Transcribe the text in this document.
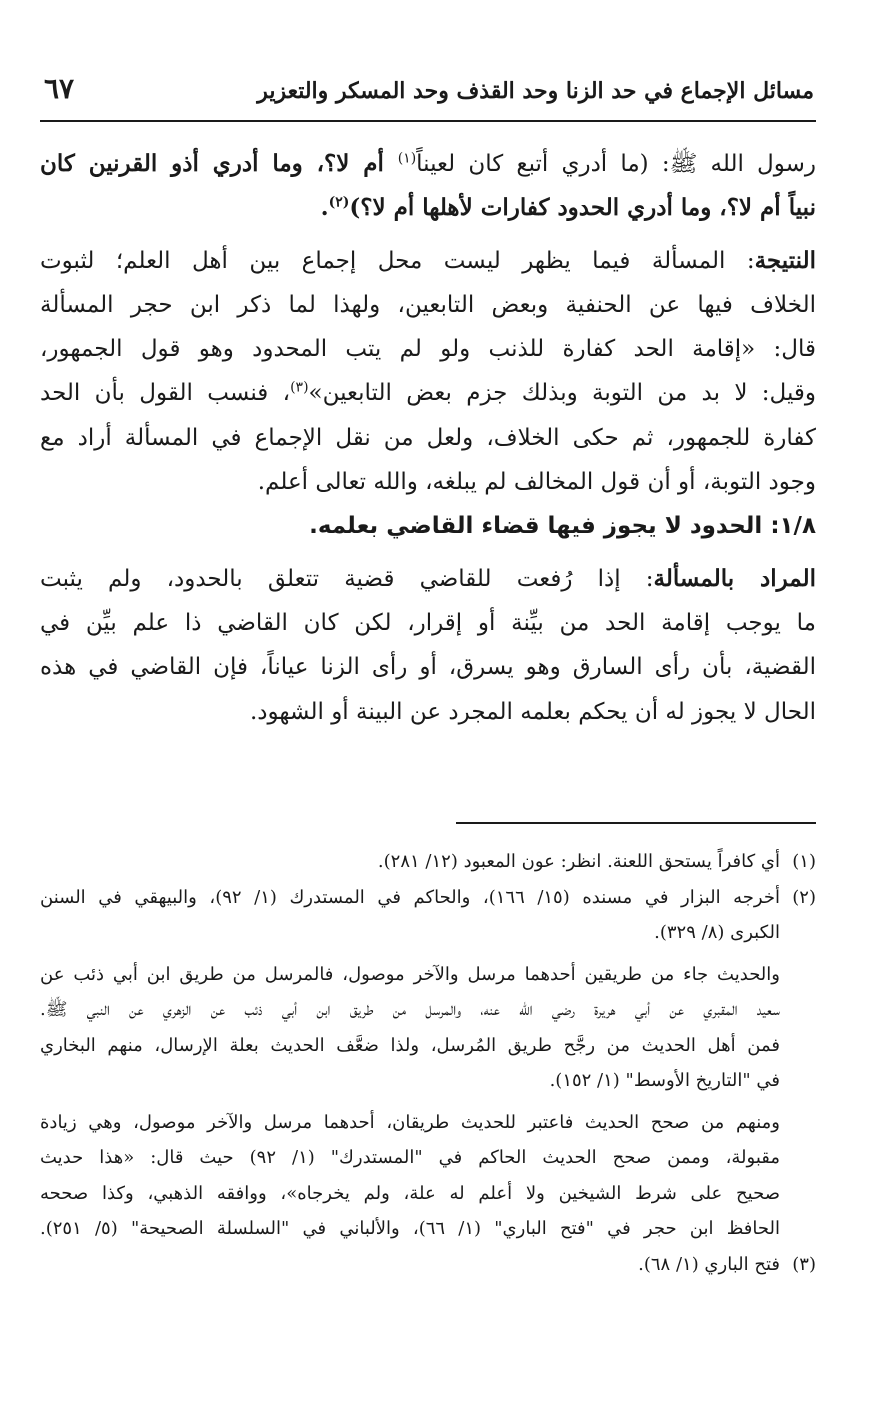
مسائل الإجماع في حد الزنا وحد القذف وحد المسكر والتعزير
٦٧
رسول الله ﷺ: (ما أدري أتبع كان لعيناً$^{(١)}$ أم لا؟، وما أدري أذو القرنين كان
نبياً أم لا؟، وما أدري الحدود كفارات لأهلها أم لا؟)$^{(٢)}$.
النتيجة: المسألة فيما يظهر ليست محل إجماع بين أهل العلم؛ لثبوت
الخلاف فيها عن الحنفية وبعض التابعين، ولهذا لما ذكر ابن حجر المسألة
قال: «إقامة الحد كفارة للذنب ولو لم يتب المحدود وهو قول الجمهور،
وقيل: لا بد من التوبة وبذلك جزم بعض التابعين»$^{(٣)}$، فنسب القول بأن الحد
كفارة للجمهور، ثم حكى الخلاف، ولعل من نقل الإجماع في المسألة أراد مع
وجود التوبة، أو أن قول المخالف لم يبلغه، والله تعالى أعلم.
١/٨: الحدود لا يجوز فيها قضاء القاضي بعلمه.
المراد بالمسألة: إذا رُفعت للقاضي قضية تتعلق بالحدود، ولم يثبت
ما يوجب إقامة الحد من بيِّنة أو إقرار، لكن كان القاضي ذا علم بيِّن في
القضية، بأن رأى السارق وهو يسرق، أو رأى الزنا عياناً، فإن القاضي في هذه
الحال لا يجوز له أن يحكم بعلمه المجرد عن البينة أو الشهود.
(١)أي كافراً يستحق اللعنة. انظر: عون المعبود (١٢/ ٢٨١).
(٢)أخرجه البزار في مسنده (١٥/ ١٦٦)، والحاكم في المستدرك (١/ ٩٢)، والبيهقي في السنن
الكبرى (٨/ ٣٢٩).
والحديث جاء من طريقين أحدهما مرسل والآخر موصول، فالمرسل من طريق ابن أبي ذئب عن
سعيد المقبري عن أبي هريرة رضي الله عنه، والمرسل من طريق ابن أبي ذئب عن الزهري عن النبي ﷺ.
فمن أهل الحديث من رجَّح طريق المُرسل، ولذا ضعَّف الحديث بعلة الإرسال، منهم البخاري
في "التاريخ الأوسط" (١/ ١٥٢).
ومنهم من صحح الحديث فاعتبر للحديث طريقان، أحدهما مرسل والآخر موصول، وهي زيادة
مقبولة، وممن صحح الحديث الحاكم في "المستدرك" (١/ ٩٢) حيث قال: «هذا حديث
صحيح على شرط الشيخين ولا أعلم له علة، ولم يخرجاه»، ووافقه الذهبي، وكذا صححه
الحافظ ابن حجر في "فتح الباري" (١/ ٦٦)، والألباني في "السلسلة الصحيحة" (٥/ ٢٥١).
(٣)فتح الباري (١/ ٦٨).
